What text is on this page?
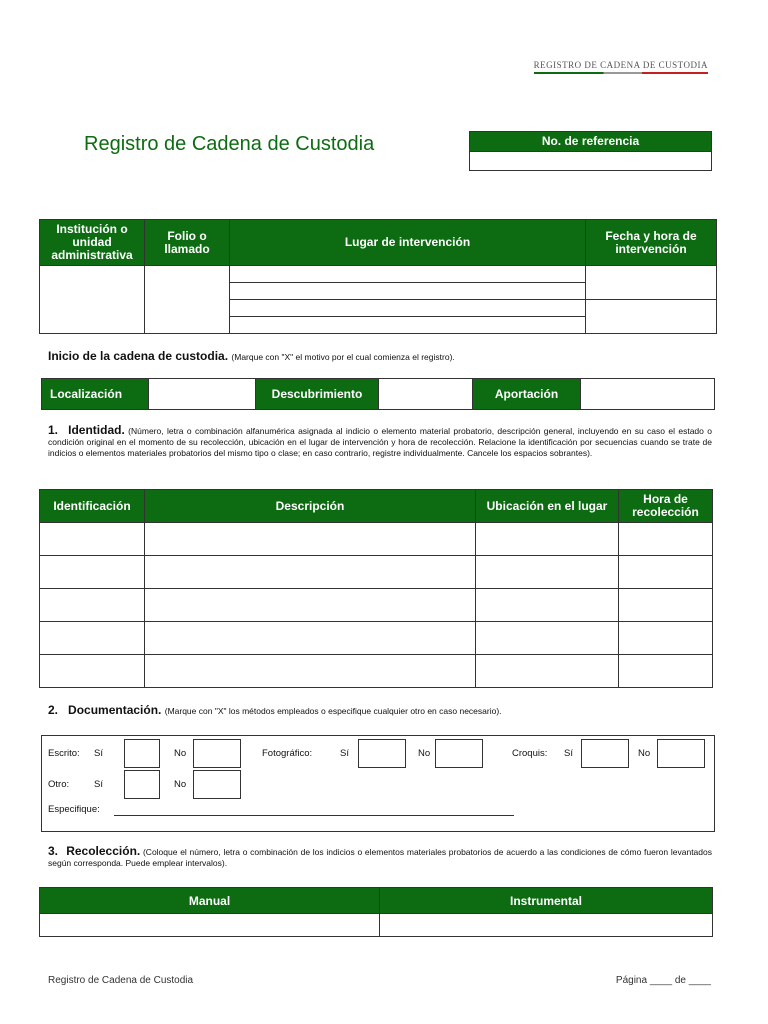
REGISTRO DE CADENA DE CUSTODIA
Registro de Cadena de Custodia	No. de referencia
Institución o unidad administrativa	Folio o llamado	Lugar de intervención	Fecha y hora de intervención

Inicio de la cadena de custodia. (Marque con "X" el motivo por el cual comienza el registro).
Localización	Descubrimiento	Aportación
1. Identidad. (Número, letra o combinación alfanumérica asignada al indicio o elemento material probatorio, descripción general, incluyendo en su caso el estado o condición original en el momento de su recolección, ubicación en el lugar de intervención y hora de recolección. Relacione la identificación por secuencias cuando se trate de indicios o elementos materiales probatorios del mismo tipo o clase; en caso contrario, registre individualmente. Cancele los espacios sobrantes).
Identificación	Descripción	Ubicación en el lugar	Hora de recolección

2. Documentación. (Marque con "X" los métodos empleados o especifique cualquier otro en caso necesario).
Escrito: Sí	No	Fotográfico:	Sí	No	Croquis: Sí	No
Otro:	Sí	No
Especifique:
3. Recolección. (Coloque el número, letra o combinación de los indicios o elementos materiales probatorios de acuerdo a las condiciones de cómo fueron levantados según corresponda. Puede emplear intervalos).
Manual	Instrumental

Registro de Cadena de Custodia	Página ____ de ____
